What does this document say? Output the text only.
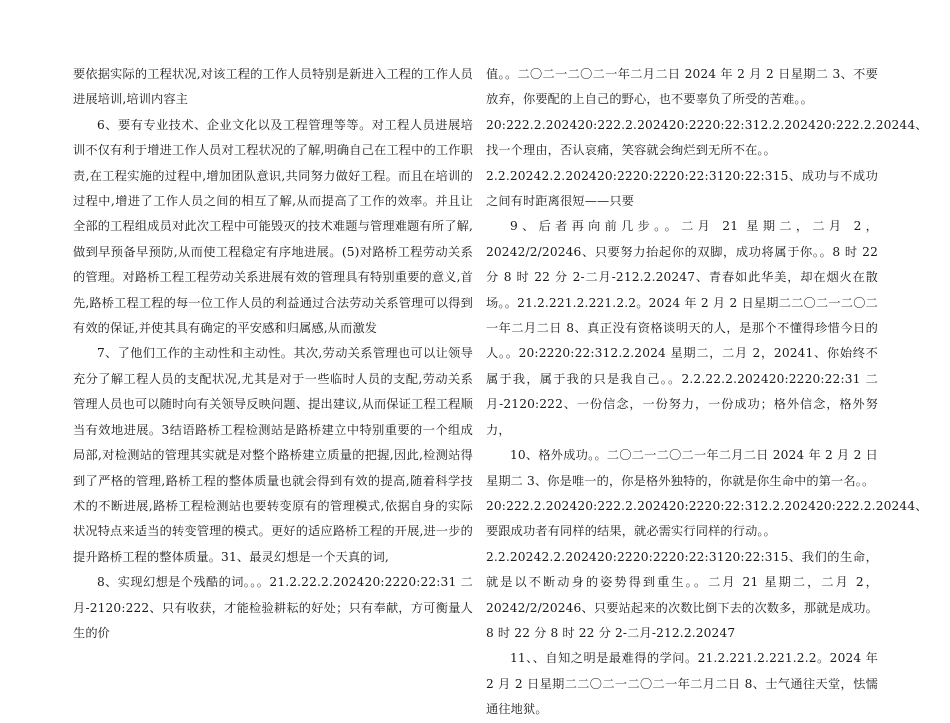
要依据实际的工程状况,对该工程的工作人员特别是新进入工程的工作人员进展培训,培训内容主

6、要有专业技术、企业文化以及工程管理等等。对工程人员进展培训不仅有利于增进工作人员对工程状况的了解,明确自己在工程中的工作职责,在工程实施的过程中,增加团队意识,共同努力做好工程。而且在培训的过程中,增进了工作人员之间的相互了解,从而提高了工作的效率。并且让全部的工程组成员对此次工程中可能毁灭的技术难题与管理难题有所了解,做到早预备早预防,从而使工程稳定有序地进展。(5)对路桥工程劳动关系的管理。对路桥工程工程劳动关系进展有效的管理具有特别重要的意义,首先,路桥工程工程的每一位工作人员的利益通过合法劳动关系管理可以得到有效的保证,并使其具有确定的平安感和归属感,从而激发

7、了他们工作的主动性和主动性。其次,劳动关系管理也可以让领导充分了解工程人员的支配状况,尤其是对于一些临时人员的支配,劳动关系管理人员也可以随时向有关领导反映问题、提出建议,从而保证工程工程顺当有效地进展。3结语路桥工程检测站是路桥建立中特别重要的一个组成局部,对检测站的管理其实就是对整个路桥建立质量的把握,因此,检测站得到了严格的管理,路桥工程的整体质量也就会得到有效的提高,随着科学技术的不断进展,路桥工程检测站也要转变原有的管理模式,依据自身的实际状况特点来适当的转变管理的模式。更好的适应路桥工程的开展,进一步的提升路桥工程的整体质量。31、最灵幻想是一个天真的词,

8、实现幻想是个残酷的词。。。21.2.22.2.202420:2220:22:31 二月-2120:222、只有收获，才能检验耕耘的好处；只有奉献，方可衡量人生的价

值。。二〇二一二〇二一年二月二日 2024 年 2 月 2 日星期二 3、不要放弃，你要配的上自己的野心，也不要辜负了所受的苦难。。

20:222.2.202420:222.2.202420:2220:22:312.2.202420:222.2.20244、找一个理由，否认哀痛，笑容就会绚烂到无所不在。。

2.2.20242.2.202420:2220:2220:22:3120:22:315、成功与不成功之间有时距离很短——只要

9、后者再向前几步。。二月 21 星期二，二月 2，20242/2/20246、只要努力抬起你的双脚，成功将属于你。。8 时 22 分 8 时 22 分 2-二月-212.2.20247、青春如此华美，却在烟火在散场。。21.2.221.2.221.2.2。2024 年 2 月 2 日星期二二〇二一二〇二一年二月二日 8、真正没有资格谈明天的人，是那个不懂得珍惜今日的人。。20:2220:22:312.2.2024 星期二，二月 2，20241、你始终不属于我，属于我的只是我自己。。2.2.22.2.202420:2220:22:31 二月-2120:222、一份信念，一份努力，一份成功；格外信念，格外努力，

10、格外成功。。二〇二一二〇二一年二月二日 2024 年 2 月 2 日星期二 3、你是唯一的，你是格外独特的，你就是你生命中的第一名。。

20:222.2.202420:222.2.202420:2220:22:312.2.202420:222.2.20244、要跟成功者有同样的结果，就必需实行同样的行动。。

2.2.20242.2.202420:2220:2220:22:3120:22:315、我们的生命，就是以不断动身的姿势得到重生。。二月 21 星期二，二月 2，20242/2/20246、只要站起来的次数比倒下去的次数多，那就是成功。8 时 22 分 8 时 22 分 2-二月-212.2.20247

11、、自知之明是最难得的学问。21.2.221.2.221.2.2。2024 年 2 月 2 日星期二二〇二一二〇二一年二月二日 8、士气通往天堂，怯懦通往地狱。
